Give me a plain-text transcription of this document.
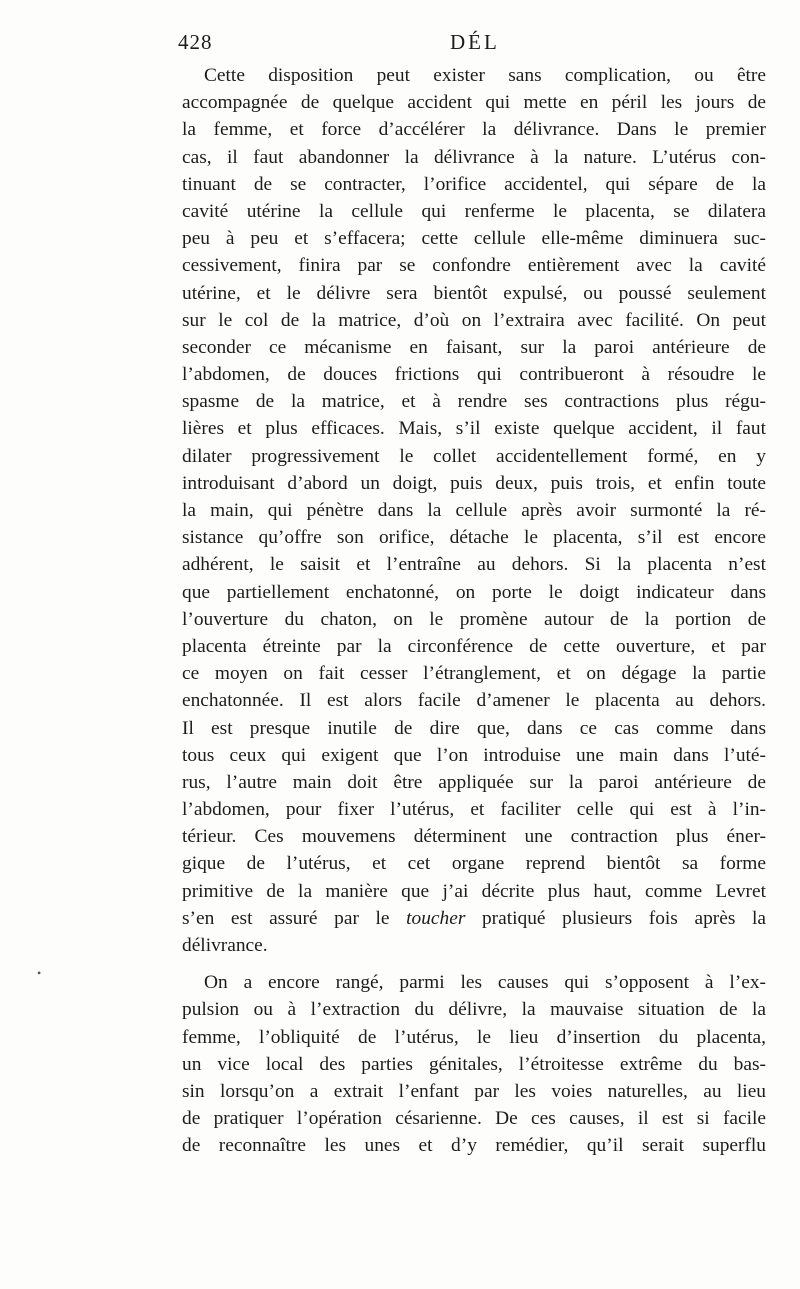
428	DÉL
•
Cette disposition peut exister sans complication, ou être
accompagnée de quelque accident qui mette en péril les jours de
la femme, et force d’accélérer la délivrance. Dans le premier
cas, il faut abandonner la délivrance à la nature. L’utérus con-
tinuant de se contracter, l’orifice accidentel, qui sépare de la
cavité utérine la cellule qui renferme le placenta, se dilatera
peu à peu et s’effacera; cette cellule elle-même diminuera suc-
cessivement, finira par se confondre entièrement avec la cavité
utérine, et le délivre sera bientôt expulsé, ou poussé seulement
sur le col de la matrice, d’où on l’extraira avec facilité. On peut
seconder ce mécanisme en faisant, sur la paroi antérieure de
l’abdomen, de douces frictions qui contribueront à résoudre le
spasme de la matrice, et à rendre ses contractions plus régu-
lières et plus efficaces. Mais, s’il existe quelque accident, il faut
dilater progressivement le collet accidentellement formé, en y
introduisant d’abord un doigt, puis deux, puis trois, et enfin toute
la main, qui pénètre dans la cellule après avoir surmonté la ré-
sistance qu’offre son orifice, détache le placenta, s’il est encore
adhérent, le saisit et l’entraîne au dehors. Si la placenta n’est
que partiellement enchatonné, on porte le doigt indicateur dans
l’ouverture du chaton, on le promène autour de la portion de
placenta étreinte par la circonférence de cette ouverture, et par
ce moyen on fait cesser l’étranglement, et on dégage la partie
enchatonnée. Il est alors facile d’amener le placenta au dehors.
Il est presque inutile de dire que, dans ce cas comme dans
tous ceux qui exigent que l’on introduise une main dans l’uté-
rus, l’autre main doit être appliquée sur la paroi antérieure de
l’abdomen, pour fixer l’utérus, et faciliter celle qui est à l’in-
térieur. Ces mouvemens déterminent une contraction plus éner-
gique de l’utérus, et cet organe reprend bientôt sa forme
primitive de la manière que j’ai décrite plus haut, comme Levret
s’en est assuré par le toucher pratiqué plusieurs fois après la
délivrance.
On a encore rangé, parmi les causes qui s’opposent à l’ex-
pulsion ou à l’extraction du délivre, la mauvaise situation de la
femme, l’obliquité de l’utérus, le lieu d’insertion du placenta,
un vice local des parties génitales, l’étroitesse extrême du bas-
sin lorsqu’on a extrait l’enfant par les voies naturelles, au lieu
de pratiquer l’opération césarienne. De ces causes, il est si facile
de reconnaître les unes et d’y remédier, qu’il serait superflu
